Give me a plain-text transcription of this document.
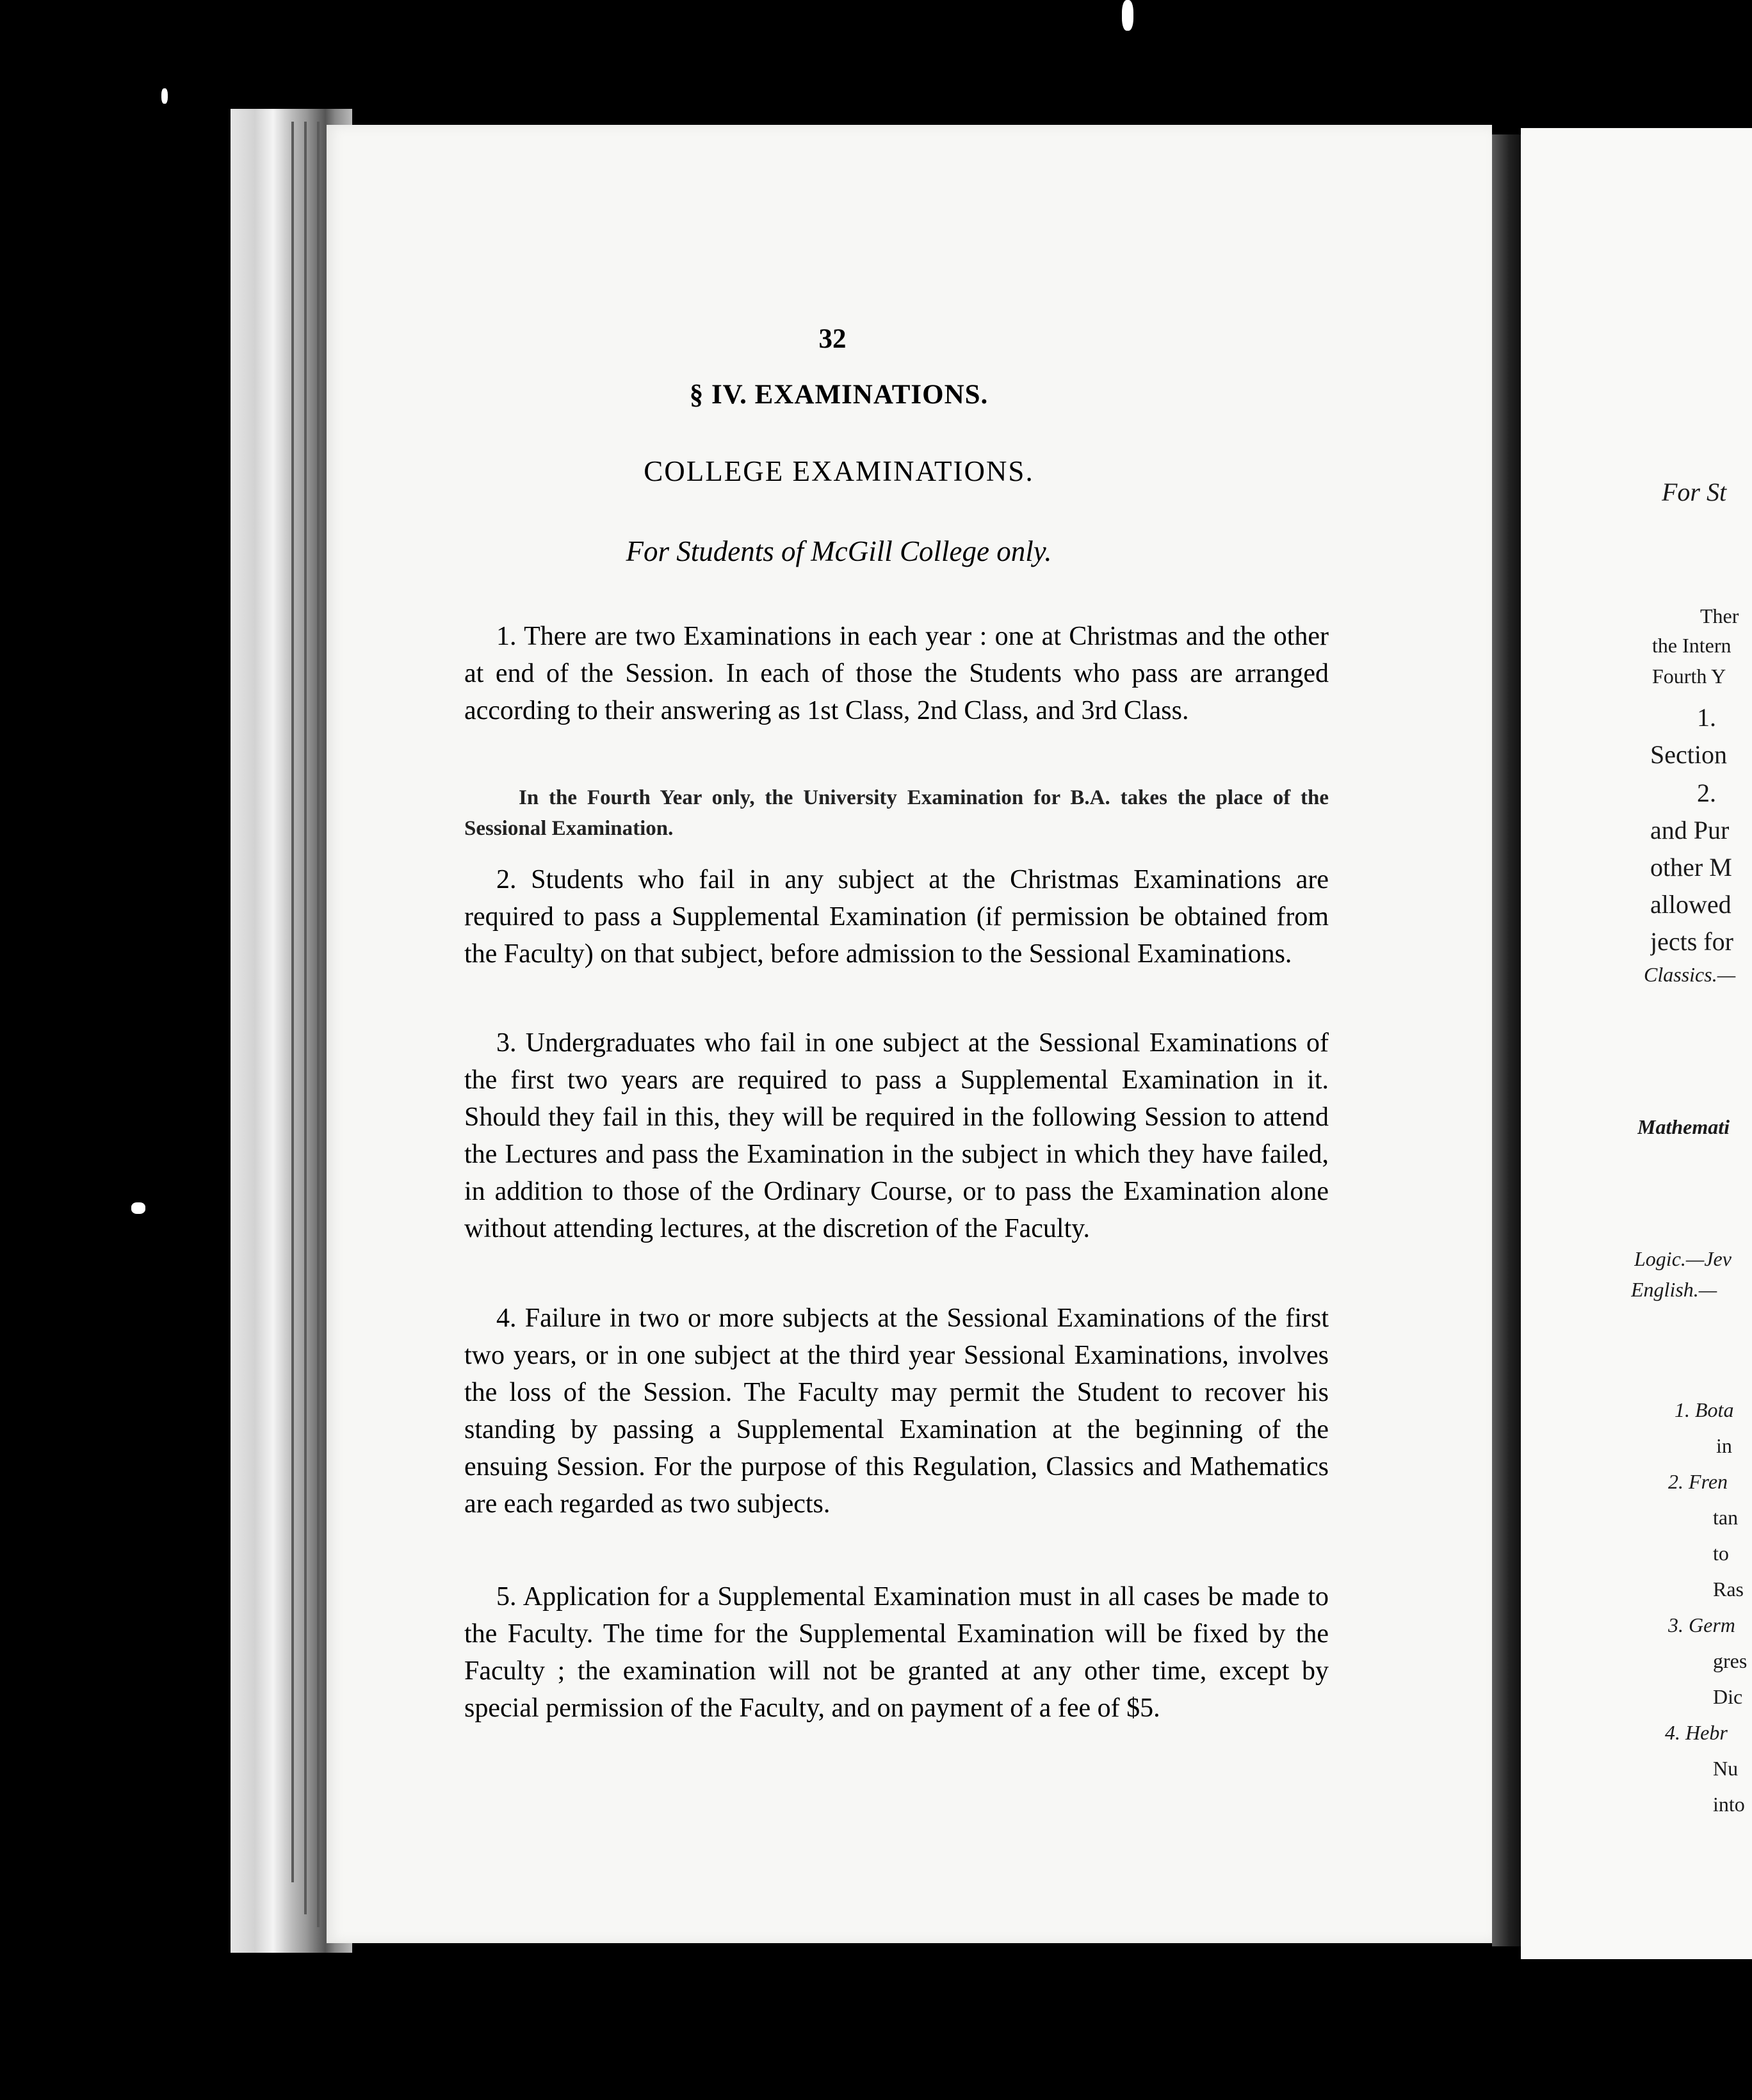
32
§ IV. EXAMINATIONS.
COLLEGE EXAMINATIONS.
For Students of McGill College only.
1. There are two Examinations in each year : one at Christmas and the other at end of the Session. In each of those the Students who pass are arranged according to their answering as 1st Class, 2nd Class, and 3rd Class.
In the Fourth Year only, the University Examination for B.A. takes the place of the Sessional Examination.
2. Students who fail in any subject at the Christmas Examinations are required to pass a Supplemental Examination (if permission be obtained from the Faculty) on that subject, before admission to the Sessional Examinations.
3. Undergraduates who fail in one subject at the Sessional Examinations of the first two years are required to pass a Supplemental Examination in it. Should they fail in this, they will be required in the following Session to attend the Lectures and pass the Examination in the subject in which they have failed, in addition to those of the Ordinary Course, or to pass the Examination alone without attending lectures, at the discretion of the Faculty.
4. Failure in two or more subjects at the Sessional Examinations of the first two years, or in one subject at the third year Sessional Examinations, involves the loss of the Session. The Faculty may permit the Student to recover his standing by passing a Supplemental Examination at the beginning of the ensuing Session. For the purpose of this Regulation, Classics and Mathematics are each regarded as two subjects.
5. Application for a Supplemental Examination must in all cases be made to the Faculty. The time for the Supplemental Examination will be fixed by the Faculty ; the examination will not be granted at any other time, except by special permission of the Faculty, and on payment of a fee of $5.
For St
Ther
the Intern
Fourth Y
1.
Section
2.
and Pur
other M
allowed
jects for
Classics.—
Mathemati
Logic.—Jev
English.—
1. Bota
in
2. Fren
tan
to
Ras
3. Germ
gres
Dic
4. Hebr
Nu
into
